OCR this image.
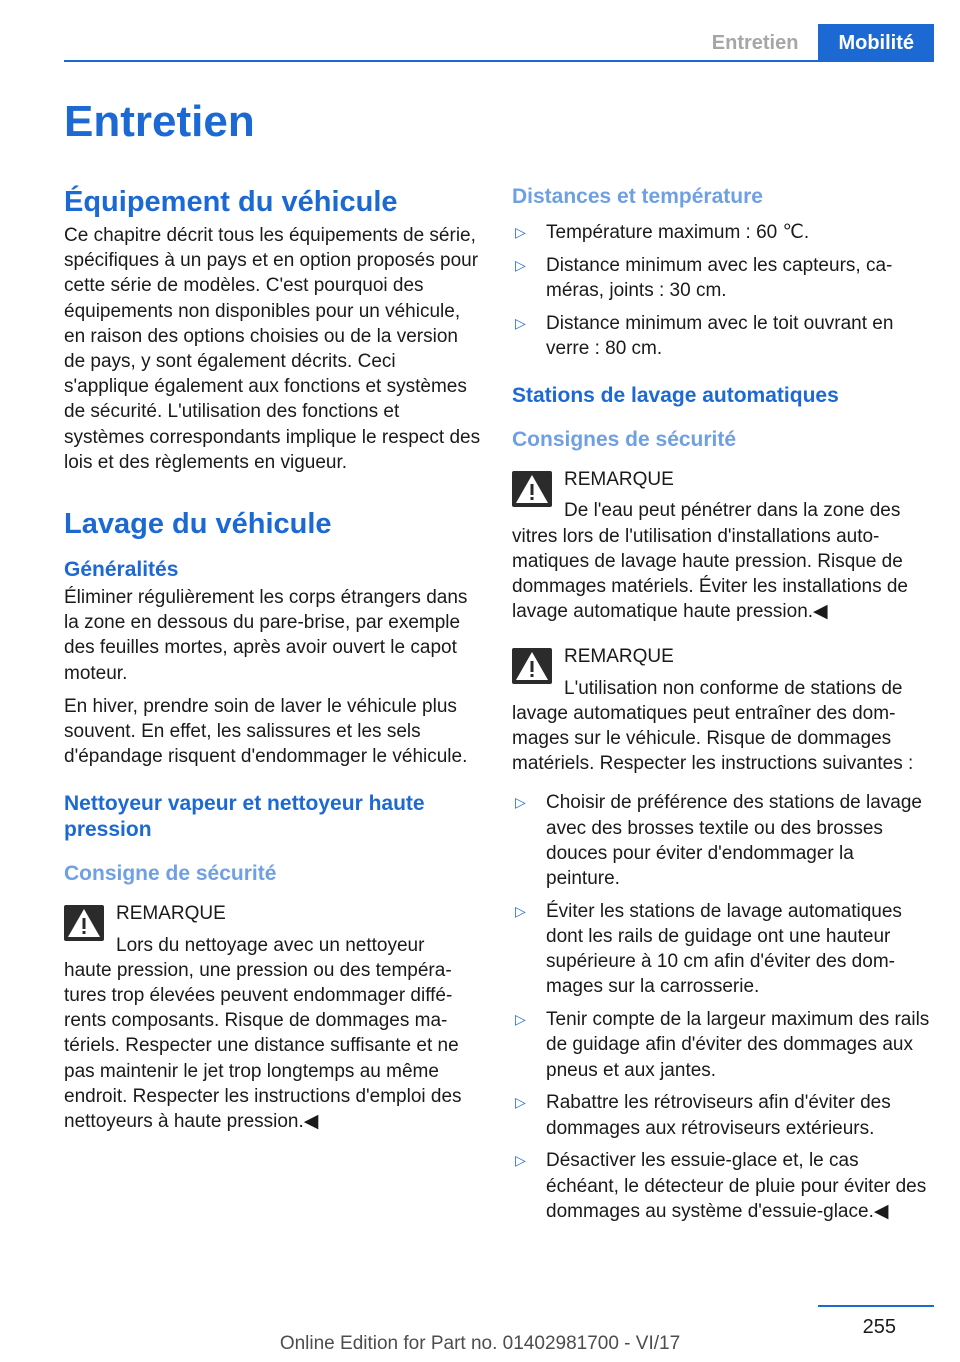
Entretien	Mobilité
Entretien
Équipement du véhicule

Ce chapitre décrit tous les équipements de série, spécifiques à un pays et en option proposés pour cette série de modèles. C'est pourquoi des équipements non disponibles pour un véhicule, en raison des options choisies ou de la version de pays, y sont également décrits. Ceci s'applique également aux fonctions et systèmes de sécurité. L'utilisation des fonctions et systèmes correspondants implique le respect des lois et des règlements en vigueur.

Lavage du véhicule
Généralités

Éliminer régulièrement les corps étrangers dans la zone en dessous du pare-brise, par exemple des feuilles mortes, après avoir ouvert le capot moteur.

En hiver, prendre soin de laver le véhicule plus souvent. En effet, les salissures et les sels d'épandage risquent d'endommager le véhicule.

Nettoyeur vapeur et nettoyeur haute pression
Consigne de sécurité
REMARQUE
Lors du nettoyage avec un nettoyeur
haute pression, une pression ou des températures trop élevées peuvent endommager différents composants. Risque de dommages matériels. Respecter une distance suffisante et ne pas maintenir le jet trop longtemps au même endroit. Respecter les instructions d'emploi des nettoyeurs à haute pression.◀
Distances et température
▷ Température maximum : 60 ℃.
▷ Distance minimum avec les capteurs, caméras, joints : 30 cm.
▷ Distance minimum avec le toit ouvrant en verre : 80 cm.
Stations de lavage automatiques
Consignes de sécurité
REMARQUE
De l'eau peut pénétrer dans la zone des
vitres lors de l'utilisation d'installations automatiques de lavage haute pression. Risque de dommages matériels. Éviter les installations de lavage automatique haute pression.◀
REMARQUE
L'utilisation non conforme de stations de
lavage automatiques peut entraîner des dommages sur le véhicule. Risque de dommages matériels. Respecter les instructions suivantes :
▷ Choisir de préférence des stations de lavage avec des brosses textile ou des brosses douces pour éviter d'endommager la peinture.
▷ Éviter les stations de lavage automatiques dont les rails de guidage ont une hauteur supérieure à 10 cm afin d'éviter des dommages sur la carrosserie.
▷ Tenir compte de la largeur maximum des rails de guidage afin d'éviter des dommages aux pneus et aux jantes.
▷ Rabattre les rétroviseurs afin d'éviter des dommages aux rétroviseurs extérieurs.
▷ Désactiver les essuie-glace et, le cas échéant, le détecteur de pluie pour éviter des dommages au système d'essuie-glace.◀
255
Online Edition for Part no. 01402981700 - VI/17
